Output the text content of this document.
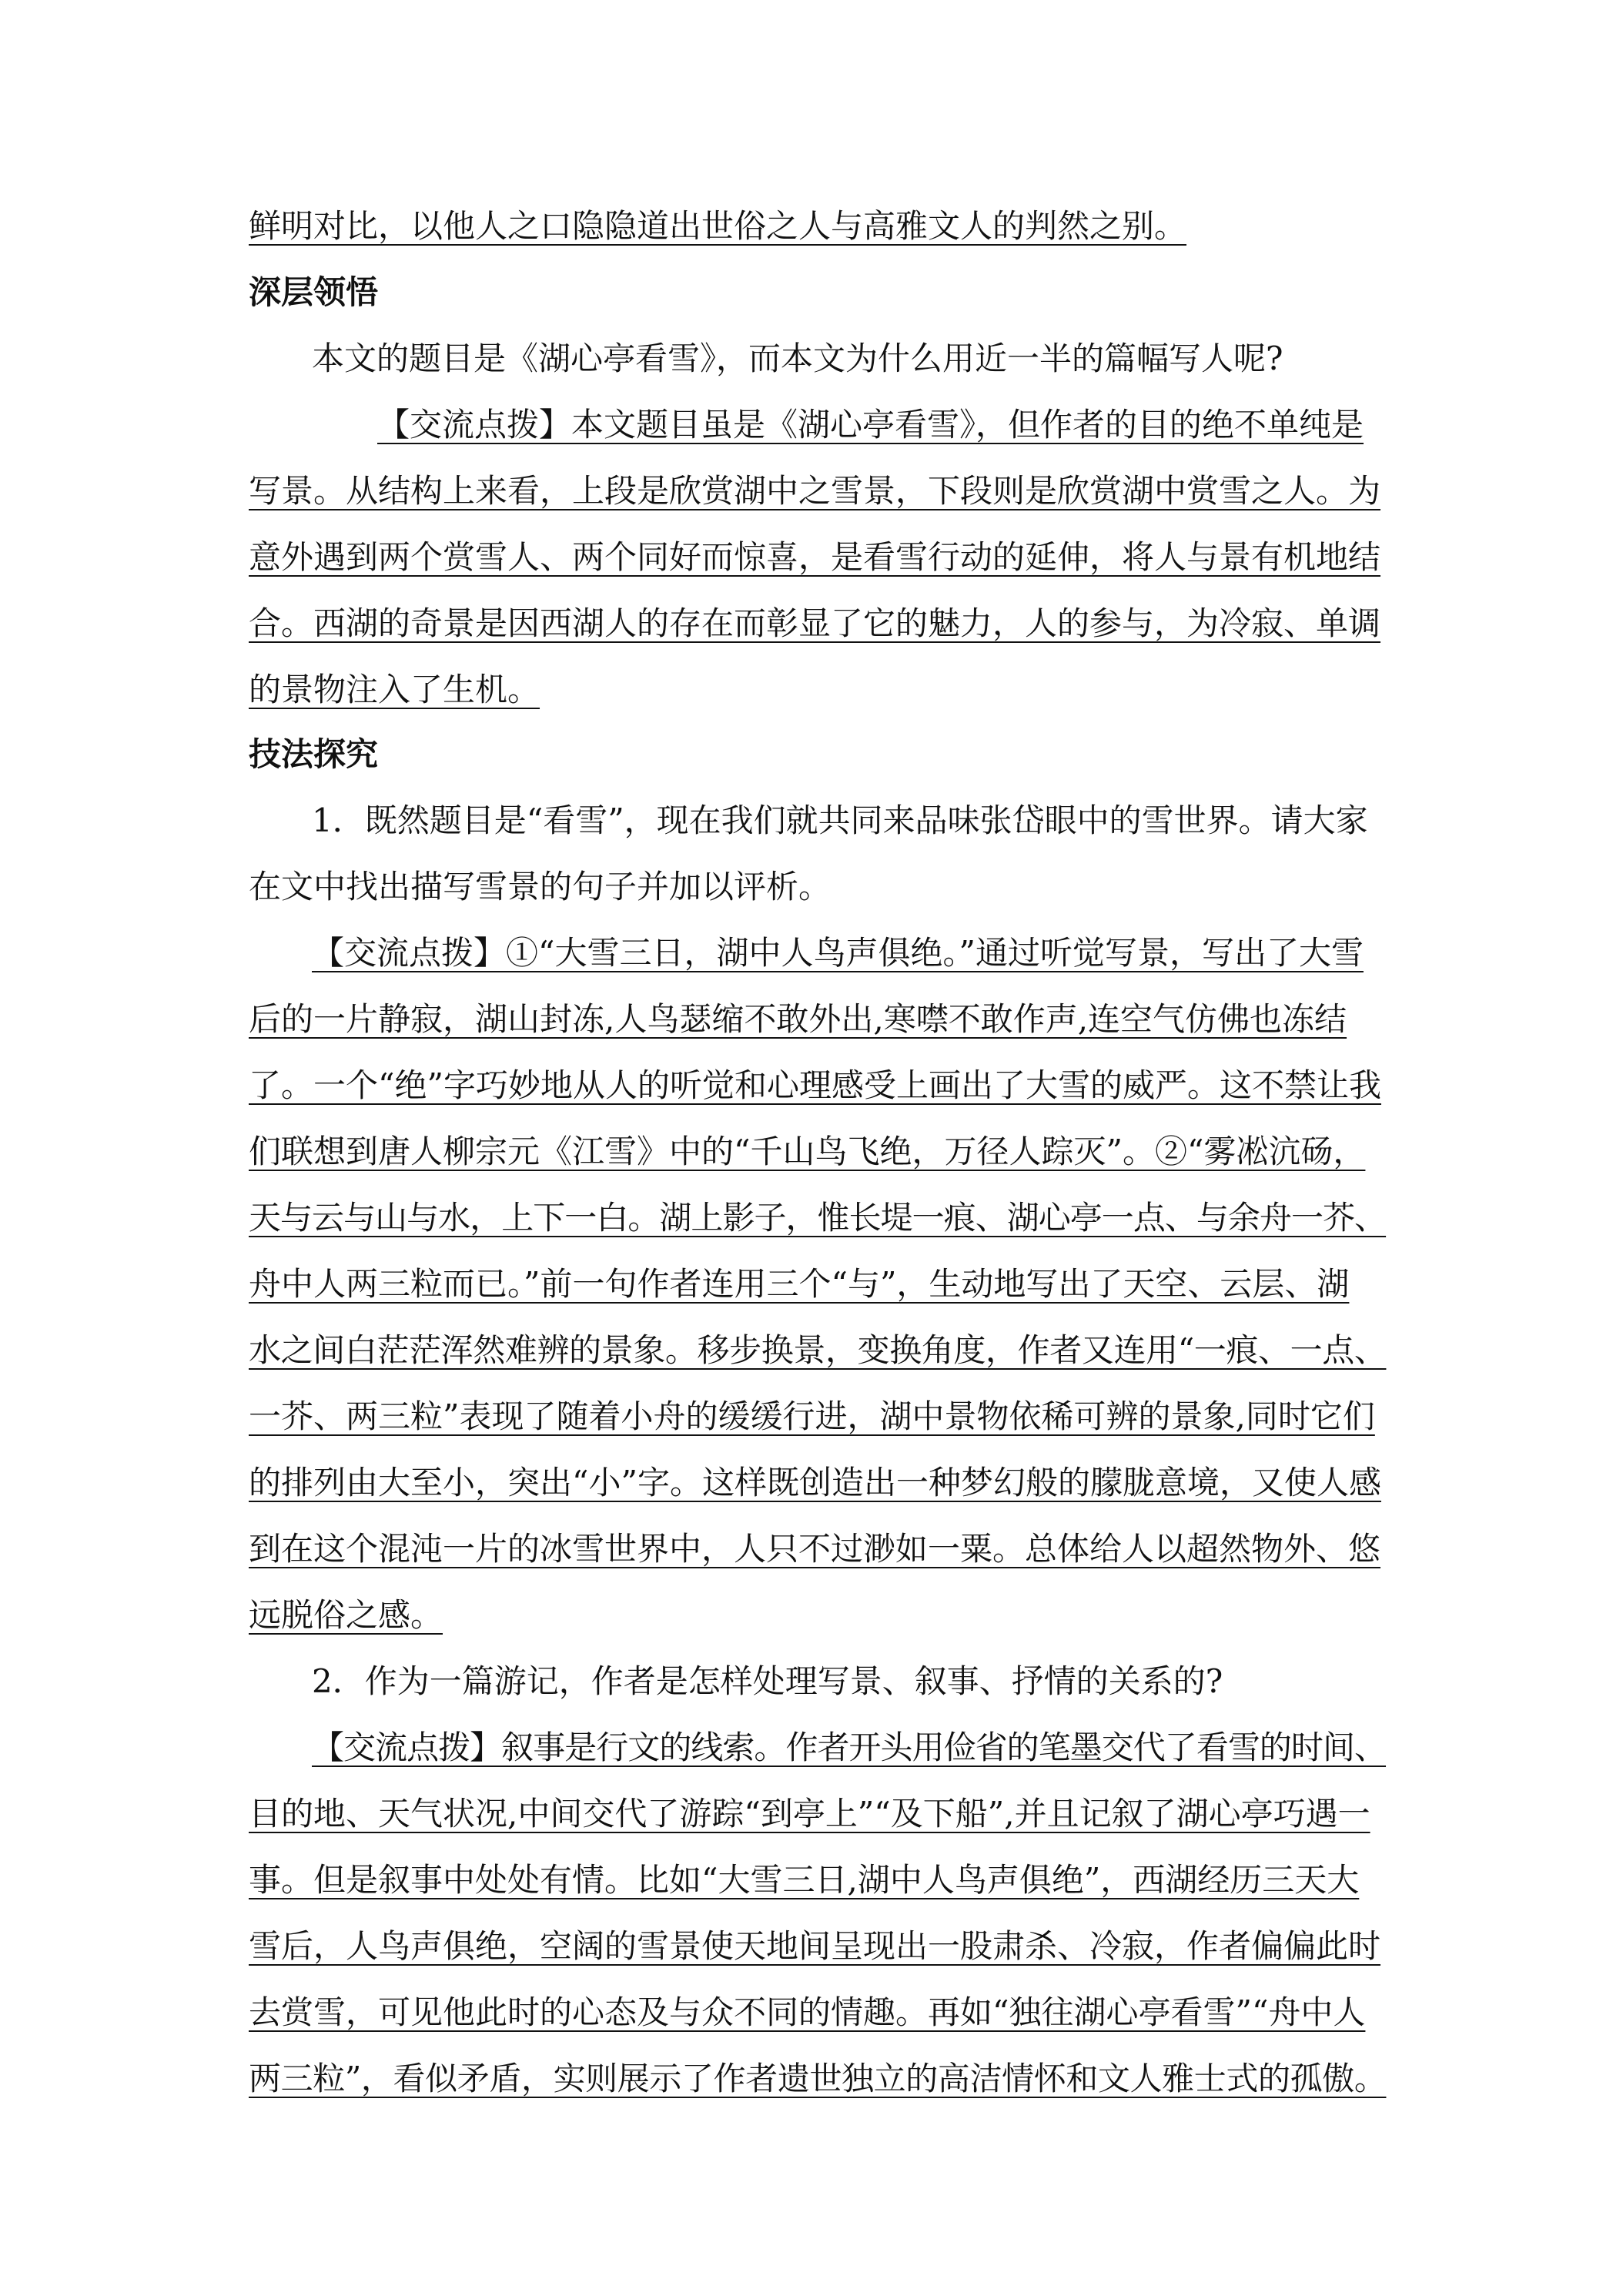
鲜明对比，以他人之口隐隐道出世俗之人与高雅文人的判然之别。
深层领悟
本文的题目是《湖心亭看雪》，而本文为什么用近一半的篇幅写人呢?
【交流点拨】本文题目虽是《湖心亭看雪》，但作者的目的绝不单纯是
写景。从结构上来看，上段是欣赏湖中之雪景，下段则是欣赏湖中赏雪之人。为
意外遇到两个赏雪人、两个同好而惊喜，是看雪行动的延伸，将人与景有机地结
合。西湖的奇景是因西湖人的存在而彰显了它的魅力，人的参与，为冷寂、单调
的景物注入了生机。
技法探究
1．既然题目是“看雪”，现在我们就共同来品味张岱眼中的雪世界。请大家
在文中找出描写雪景的句子并加以评析。
【交流点拨】①“大雪三日，湖中人鸟声俱绝。”通过听觉写景，写出了大雪
后的一片静寂，湖山封冻,人鸟瑟缩不敢外出,寒噤不敢作声,连空气仿佛也冻结
了。一个“绝”字巧妙地从人的听觉和心理感受上画出了大雪的威严。这不禁让我
们联想到唐人柳宗元《江雪》中的“千山鸟飞绝，万径人踪灭”。②“雾凇沆砀，
天与云与山与水，上下一白。湖上影子，惟长堤一痕、湖心亭一点、与余舟一芥、
舟中人两三粒而已。”前一句作者连用三个“与”，生动地写出了天空、云层、湖
水之间白茫茫浑然难辨的景象。移步换景，变换角度，作者又连用“一痕、一点、
一芥、两三粒”表现了随着小舟的缓缓行进，湖中景物依稀可辨的景象,同时它们
的排列由大至小，突出“小”字。这样既创造出一种梦幻般的朦胧意境，又使人感
到在这个混沌一片的冰雪世界中，人只不过渺如一粟。总体给人以超然物外、悠
远脱俗之感。
2．作为一篇游记，作者是怎样处理写景、叙事、抒情的关系的?
【交流点拨】叙事是行文的线索。作者开头用俭省的笔墨交代了看雪的时间、
目的地、天气状况,中间交代了游踪“到亭上”“及下船”,并且记叙了湖心亭巧遇一
事。但是叙事中处处有情。比如“大雪三日,湖中人鸟声俱绝”，西湖经历三天大
雪后，人鸟声俱绝，空阔的雪景使天地间呈现出一股肃杀、冷寂，作者偏偏此时
去赏雪，可见他此时的心态及与众不同的情趣。再如“独往湖心亭看雪”“舟中人
两三粒”，看似矛盾，实则展示了作者遗世独立的高洁情怀和文人雅士式的孤傲。
